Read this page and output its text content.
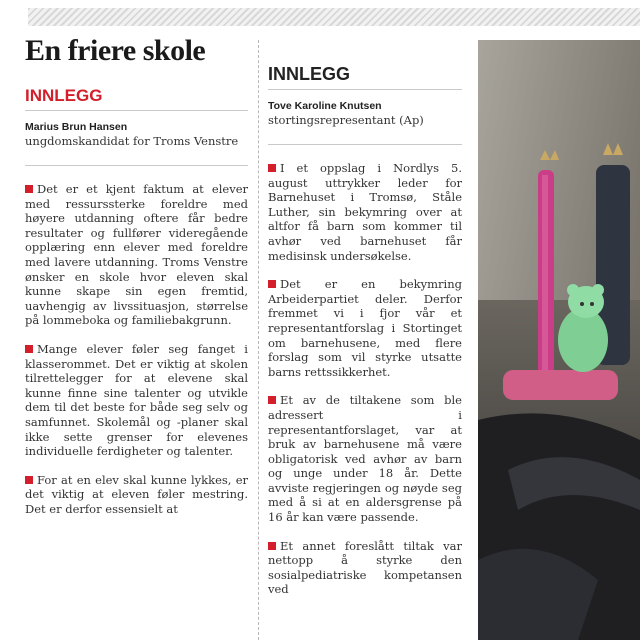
En friere skole
INNLEGG
Marius Brun Hansen
ungdomskandidat for Troms Venstre

Det er et kjent faktum at elever med ressurssterke foreldre med høyere utdanning oftere får bedre resultater og fullfører videregående opplæring enn elever med foreldre med lavere utdanning. Troms Venstre ønsker en skole hvor eleven skal kunne skape sin egen fremtid, uavhengig av livssituasjon, størrelse på lommeboka og familiebakgrunn.

Mange elever føler seg fanget i klasserommet. Det er viktig at skolen tilrettelegger for at elevene skal kunne finne sine talenter og utvikle dem til det beste for både seg selv og samfunnet. Skolemål og -planer skal ikke sette grenser for elevenes individuelle ferdigheter og talenter.

For at en elev skal kunne lykkes, er det viktig at eleven føler mestring. Det er derfor essensielt at

INNLEGG
Tove Karoline Knutsen
stortingsrepresentant (Ap)

I et oppslag i Nordlys 5. august uttrykker leder for Barnehuset i Tromsø, Ståle Luther, sin bekymring over at altfor få barn som kommer til avhør ved barnehuset får medisinsk undersøkelse.

Det er en bekymring Arbeiderpartiet deler. Derfor fremmet vi i fjor vår et representantforslag i Stortinget om barnehusene, med flere forslag som vil styrke utsatte barns rettssikkerhet.

Et av de tiltakene som ble adressert i representantforslaget, var at bruk av barnehusene må være obligatorisk ved avhør av barn og unge under 18 år. Dette avviste regjeringen og nøyde seg med å si at en aldersgrense på 16 år kan være passende.

Et annet foreslått tiltak var nettopp å styrke den sosialpediatriske kompetansen ved
